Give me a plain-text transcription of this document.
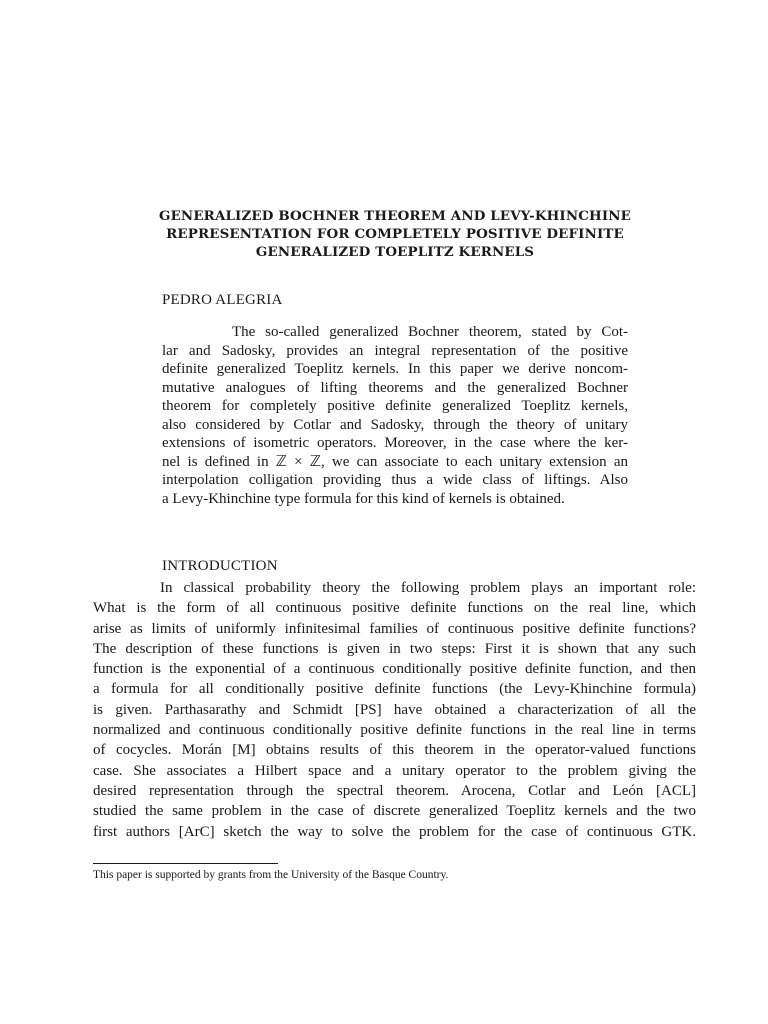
GENERALIZED BOCHNER THEOREM AND LEVY-KHINCHINE
REPRESENTATION FOR COMPLETELY POSITIVE DEFINITE
GENERALIZED TOEPLITZ KERNELS
PEDRO ALEGRIA
The so-called generalized Bochner theorem, stated by Cot-
lar and Sadosky, provides an integral representation of the positive
definite generalized Toeplitz kernels. In this paper we derive noncom-
mutative analogues of lifting theorems and the generalized Bochner
theorem for completely positive definite generalized Toeplitz kernels,
also considered by Cotlar and Sadosky, through the theory of unitary
extensions of isometric operators. Moreover, in the case where the ker-
nel is defined in ℤ × ℤ, we can associate to each unitary extension an
interpolation colligation providing thus a wide class of liftings. Also
a Levy-Khinchine type formula for this kind of kernels is obtained.
INTRODUCTION
In classical probability theory the following problem plays an important role:
What is the form of all continuous positive definite functions on the real line, which
arise as limits of uniformly infinitesimal families of continuous positive definite functions?
The description of these functions is given in two steps: First it is shown that any such
function is the exponential of a continuous conditionally positive definite function, and then
a formula for all conditionally positive definite functions (the Levy-Khinchine formula)
is given. Parthasarathy and Schmidt [PS] have obtained a characterization of all the
normalized and continuous conditionally positive definite functions in the real line in terms
of cocycles. Morán [M] obtains results of this theorem in the operator-valued functions
case. She associates a Hilbert space and a unitary operator to the problem giving the
desired representation through the spectral theorem. Arocena, Cotlar and León [ACL]
studied the same problem in the case of discrete generalized Toeplitz kernels and the two
first authors [ArC] sketch the way to solve the problem for the case of continuous GTK.
This paper is supported by grants from the University of the Basque Country.
